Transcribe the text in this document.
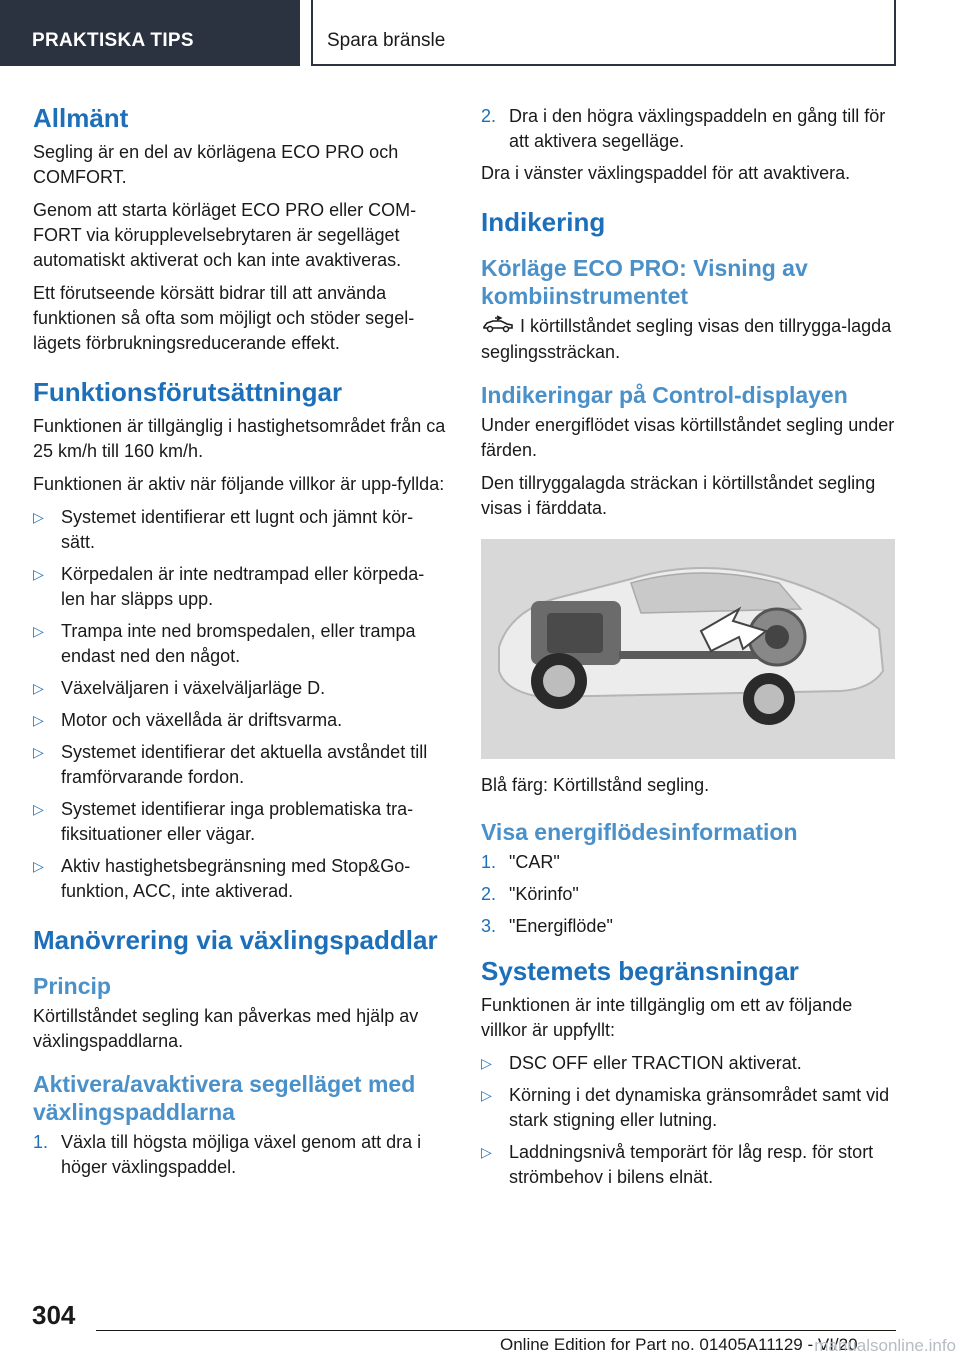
PRAKTISKA TIPS	Spara bränsle
Allmänt

Segling är en del av körlägena ECO PRO och COMFORT.

Genom att starta körläget ECO PRO eller COM-FORT via körupplevelsebrytaren är segelläget automatiskt aktiverat och kan inte avaktiveras.

Ett förutseende körsätt bidrar till att använda funktionen så ofta som möjligt och stöder segel-lägets förbrukningsreducerande effekt.

Funktionsförutsättningar

Funktionen är tillgänglig i hastighetsområdet från ca 25 km/h till 160 km/h.

Funktionen är aktiv när följande villkor är upp-fyllda:

▷ Systemet identifierar ett lugnt och jämnt kör-sätt.
▷ Körpedalen är inte nedtrampad eller körpeda-len har släpps upp.
▷ Trampa inte ned bromspedalen, eller trampa endast ned den något.
▷ Växelväljaren i växelväljarläge D.
▷ Motor och växellåda är driftsvarma.
▷ Systemet identifierar det aktuella avståndet till framförvarande fordon.
▷ Systemet identifierar inga problematiska tra-fiksituationer eller vägar.
▷ Aktiv hastighetsbegränsning med Stop&Go-funktion, ACC, inte aktiverad.
Manövrering via växlingspaddlar
Princip

Körtillståndet segling kan påverkas med hjälp av växlingspaddlarna.

Aktivera/avaktivera segelläget med växlingspaddlarna
1. Växla till högsta möjliga växel genom att dra i höger växlingspaddel.
2. Dra i den högra växlingspaddeln en gång till för att aktivera segelläge.

Dra i vänster växlingspaddel för att avaktivera.

Indikering
Körläge ECO PRO: Visning av kombiinstrumentet

I körtillståndet segling visas den tillrygga-lagda seglingssträckan.

Indikeringar på Control-displayen

Under energiflödet visas körtillståndet segling under färden.

Den tillryggalagda sträckan i körtillståndet segling visas i färddata.

Blå färg: Körtillstånd segling.

Visa energiflödesinformation
1. "CAR"
2. "Körinfo"
3. "Energiflöde"
Systemets begränsningar

Funktionen är inte tillgänglig om ett av följande villkor är uppfyllt:

▷ DSC OFF eller TRACTION aktiverat.
▷ Körning i det dynamiska gränsområdet samt vid stark stigning eller lutning.
▷ Laddningsnivå temporärt för låg resp. för stort strömbehov i bilens elnät.
304
Online Edition for Part no. 01405A11129 - VI/20
manualsonline.info
